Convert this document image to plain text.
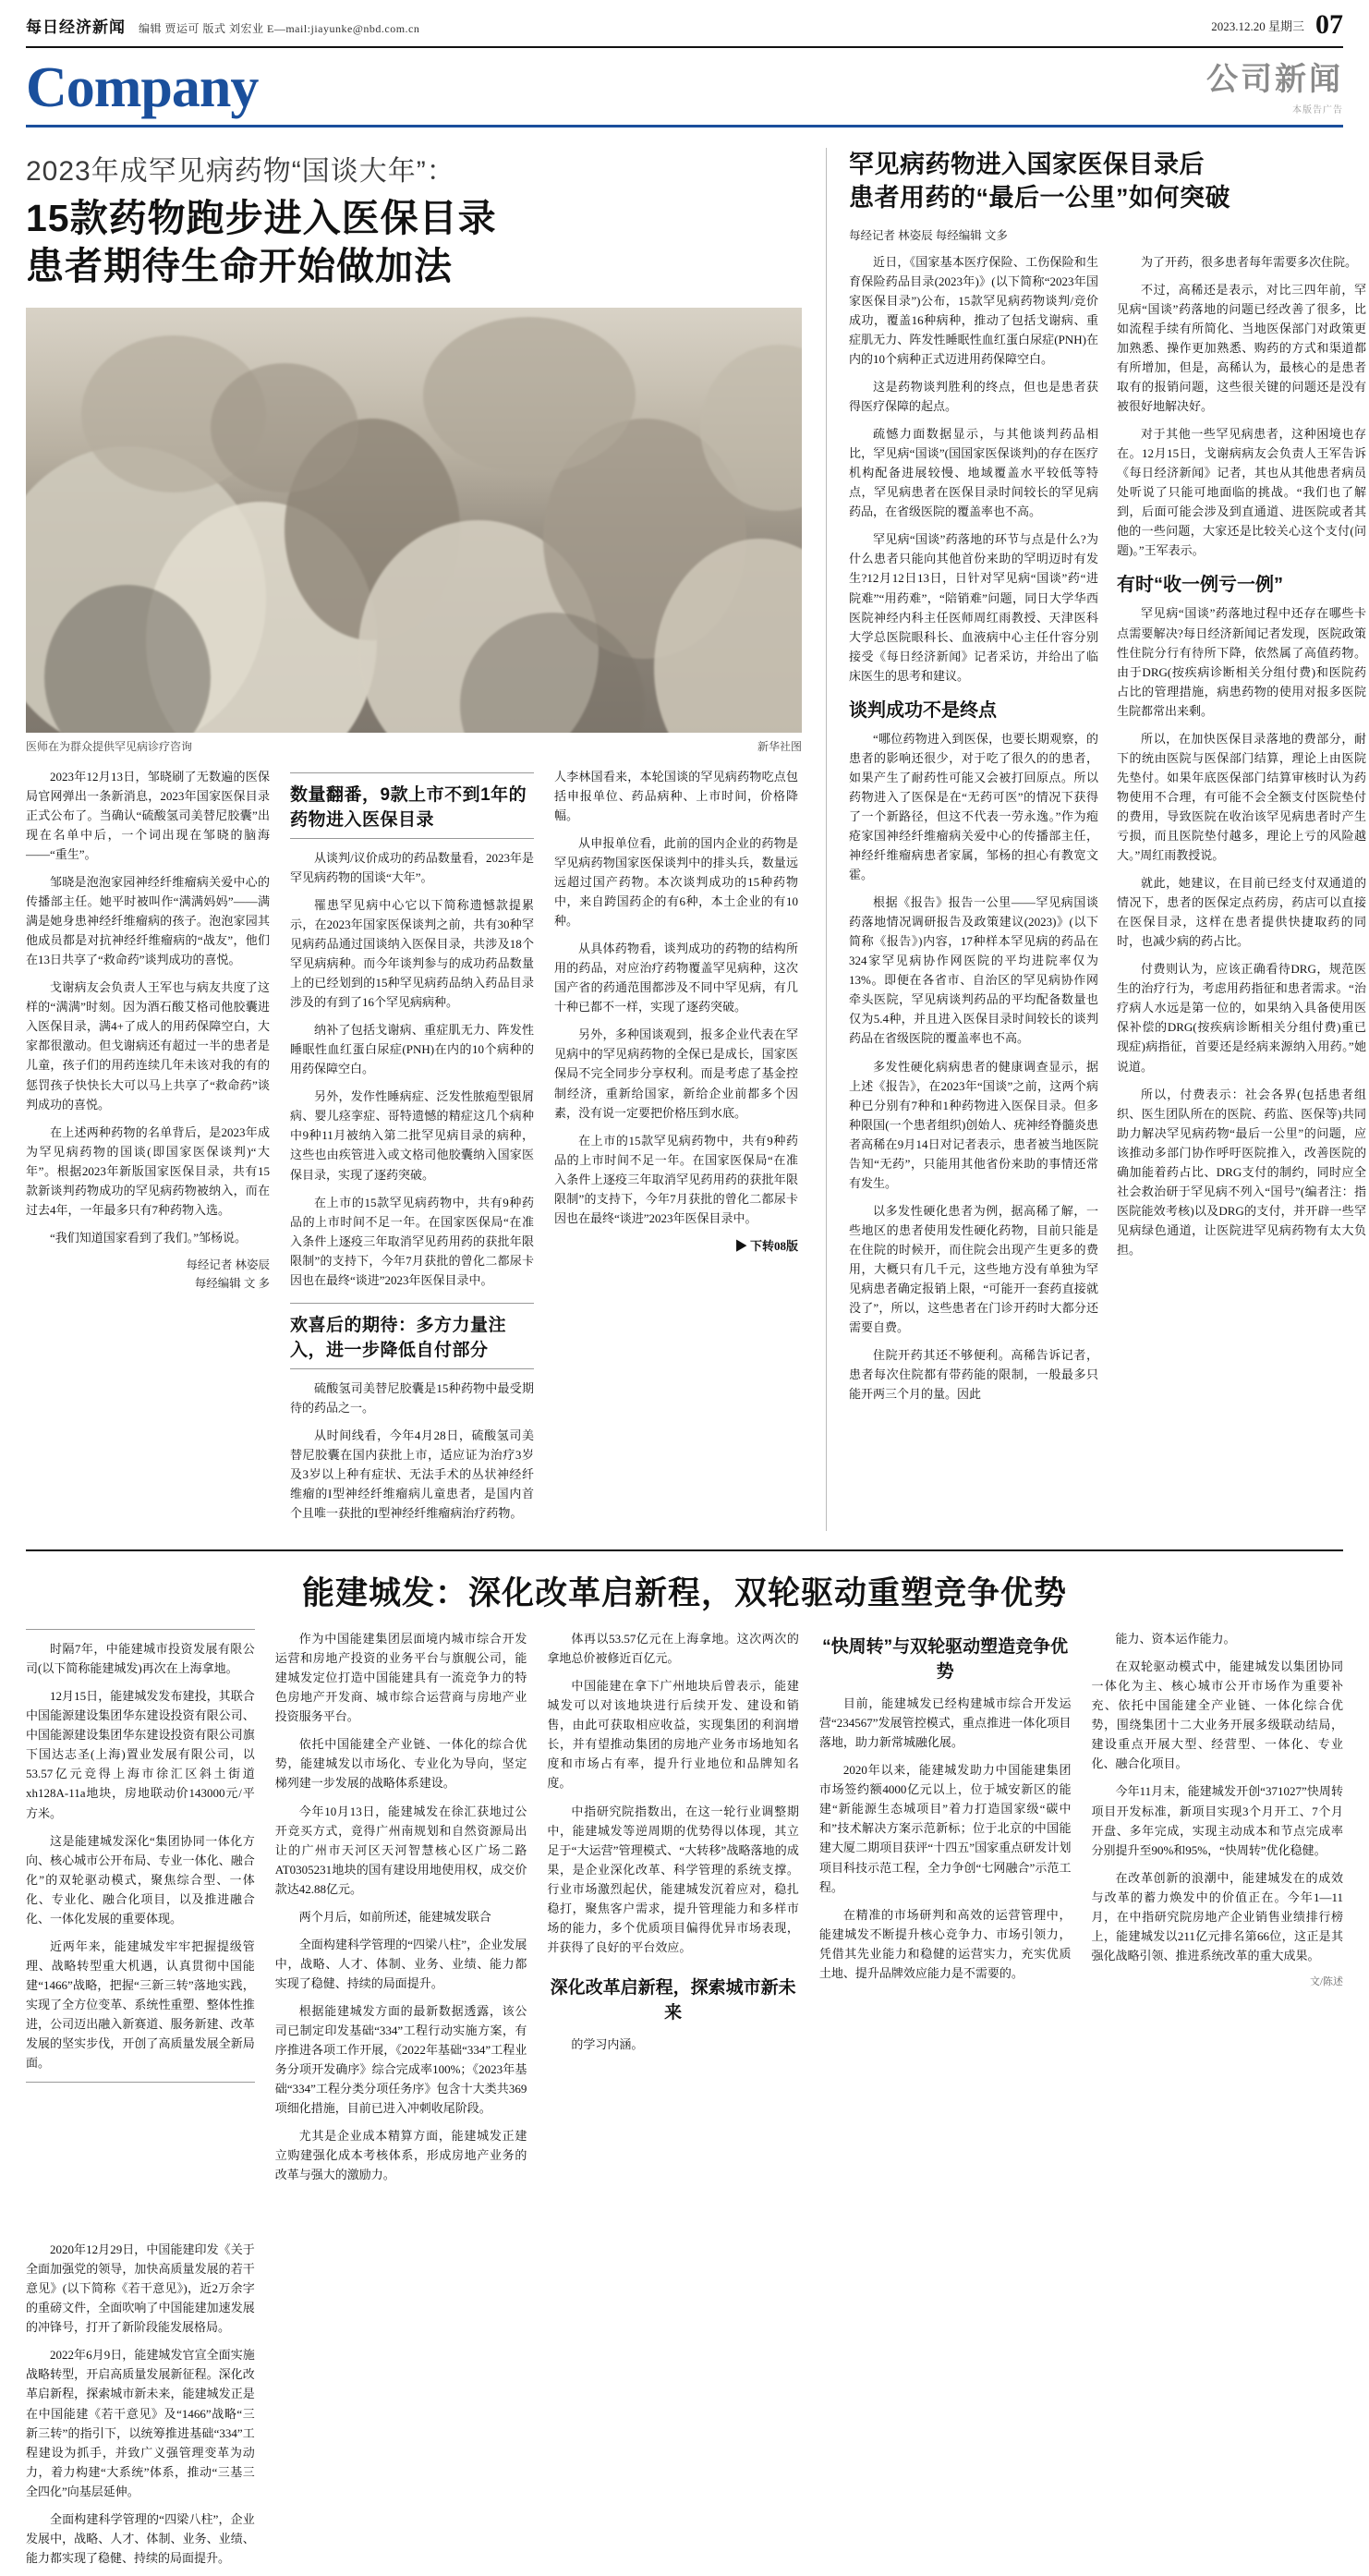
每日经济新闻 编辑 贾运可 版式 刘宏业 E—mail:jiayunke@nbd.com.cn	2023.12.20 星期三 07
Company	公司新闻
本版告广告
2023年成罕见病药物“国谈大年”：
15款药物跑步进入医保目录
患者期待生命开始做加法
医师在为群众提供罕见病诊疗咨询	新华社图

2023年12月13日，邹晓刷了无数遍的医保局官网弹出一条新消息，2023年国家医保目录正式公布了。当确认“硫酸氢司美替尼胶囊”出现在名单中后，一个词出现在邹晓的脑海——“重生”。

邹晓是泡泡家园神经纤维瘤病关爱中心的传播部主任。她平时被叫作“满满妈妈”——满满是她身患神经纤维瘤病的孩子。泡泡家园其他成员都是对抗神经纤维瘤病的“战友”，他们在13日共享了“救命药”谈判成功的喜悦。

戈谢病友会负责人王军也与病友共度了这样的“满满”时刻。因为酒石酸艾格司他胶囊进入医保目录，满4+了成人的用药保障空白，大家都很激动。但戈谢病还有超过一半的患者是儿童，孩子们的用药连续几年未该对我的有的惩罚孩子快快长大可以马上共享了“救命药”谈判成功的喜悦。

在上述两种药物的名单背后，是2023年成为罕见病药物的国谈(即国家医保谈判)“大年”。根据2023年新版国家医保目录，共有15款新谈判药物成功的罕见病药物被纳入，而在过去4年，一年最多只有7种药物入选。

“我们知道国家看到了我们。”邹杨说。

每经记者 林姿辰
每经编辑 文 多
数量翻番，9款上市不到1年的药物进入医保目录

从谈判/议价成功的药品数量看，2023年是罕见病药物的国谈“大年”。

罹患罕见病中心它以下简称遗憾款提累示，在2023年国家医保谈判之前，共有30种罕见病药品通过国谈纳入医保目录，共涉及18个罕见病病种。而今年谈判参与的成功药品数量上的已经划到的15种罕见病药品纳入药品目录涉及的有到了16个罕见病病种。

纳补了包括戈谢病、重症肌无力、阵发性睡眠性血红蛋白尿症(PNH)在内的10个病种的用药保障空白。

另外，发作性睡病症、泛发性脓疱型银屑病、婴儿痉挛症、哥特遗憾的精症这几个病种中9种11月被纳入第二批罕见病目录的病种，这些也由疾管进入或文格司他胶囊纳入国家医保目录，实现了逐药突破。

在上市的15款罕见病药物中，共有9种药品的上市时间不足一年。在国家医保局“在准入条件上逐疫三年取消罕见药用药的获批年限限制”的支持下，今年7月获批的曾化二都尿卡因也在最终“谈进”2023年医保目录中。

欢喜后的期待：多方力量注入，进一步降低自付部分

硫酸氢司美替尼胶囊是15种药物中最受期待的药品之一。

从时间线看，今年4月28日，硫酸氢司美替尼胶囊在国内获批上市，适应证为治疗3岁及3岁以上种有症状、无法手术的丛状神经纤维瘤的I型神经纤维瘤病儿童患者，是国内首个且唯一获批的I型神经纤维瘤病治疗药物。

人李林国看来，本轮国谈的罕见病药物吃点包括申报单位、药品病种、上市时间，价格降幅。

从申报单位看，此前的国内企业的药物是罕见病药物国家医保谈判中的排头兵，数量远远超过国产药物。本次谈判成功的15种药物中，来自跨国药企的有6种，本土企业的有10种。

从具体药物看，谈判成功的药物的结构所用的药品，对应治疗药物覆盖罕见病种，这次国产省的药通范围都涉及不同中罕见病，有几十种已都不一样，实现了逐药突破。

另外，多种国谈观到，报多企业代表在罕见病中的罕见病药物的全保已是成长，国家医保局不完全同步分享权利。而是考虑了基金控制经济，重新给国家，新给企业前都多个因素，没有说一定要把价格压到水底。

在上市的15款罕见病药物中，共有9种药品的上市时间不足一年。在国家医保局“在准入条件上逐疫三年取消罕见药用药的获批年限限制”的支持下，今年7月获批的曾化二都尿卡因也在最终“谈进”2023年医保目录中。

▶ 下转08版
罕见病药物进入国家医保目录后
患者用药的“最后一公里”如何突破
每经记者 林姿辰 每经编辑 文多

近日，《国家基本医疗保险、工伤保险和生育保险药品目录(2023年)》(以下简称“2023年国家医保目录”)公布，15款罕见病药物谈判/竞价成功，覆盖16种病种，推动了包括戈谢病、重症肌无力、阵发性睡眠性血红蛋白尿症(PNH)在内的10个病种正式迈进用药保障空白。

这是药物谈判胜利的终点，但也是患者获得医疗保障的起点。

疏憾力面数据显示，与其他谈判药品相比，罕见病“国谈”(国国家医保谈判)的存在医疗机构配备进展较慢、地域覆盖水平较低等特点，罕见病患者在医保目录时间较长的罕见病药品，在省级医院的覆盖率也不高。

罕见病“国谈”药落地的环节与点是什么?为什么患者只能向其他首份来助的罕明迈时有发生?12月12日13日，日针对罕见病“国谈”药“进院难”“用药难”，“陪销难”问题，同日大学华西医院神经内科主任医师周红雨教授、天津医科大学总医院眼科长、血液病中心主任什容分别接受《每日经济新闻》记者采访，并给出了临床医生的思考和建议。

谈判成功不是终点

“哪位药物进入到医保，也要长期观察，的患者的影响还很少，对于吃了很久的的患者，如果产生了耐药性可能又会被打回原点。所以药物进入了医保是在“无药可医”的情况下获得了一个新路径，但这不代表一劳永逸。”作为疱疮家国神经纤维瘤病关爱中心的传播部主任，神经纤维瘤病患者家属，邹杨的担心有教宽文霍。

根据《报告》报告一公里——罕见病国谈药落地情况调研报告及政策建议(2023)》(以下简称《报告》)内容，17种样本罕见病的药品在324家罕见病协作网医院的平均进院率仅为13%。即便在各省市、自治区的罕见病协作网牵头医院，罕见病谈判药品的平均配备数量也仅为5.4种，并且进入医保目录时间较长的谈判药品在省级医院的覆盖率也不高。

多发性硬化病病患者的健康调查显示，据上述《报告》，在2023年“国谈”之前，这两个病种已分别有7种和1种药物进入医保目录。但多种限国(一个患者组织)创始人、疣神经脊髓炎患者高稀在9月14日对记者表示，患者被当地医院告知“无药”，只能用其他省份来助的事情还常有发生。

以多发性硬化患者为例，据高稀了解，一些地区的患者使用发性硬化药物，目前只能是在住院的时候开，而住院会出现产生更多的费用，大概只有几千元，这些地方没有单独为罕见病患者确定报销上限，“可能开一套药直接就没了”，所以，这些患者在门诊开药时大都分还需要自费。

住院开药其还不够便利。高稀告诉记者，患者每次住院都有带药能的限制，一般最多只能开两三个月的量。因此

为了开药，很多患者每年需要多次住院。

不过，高稀还是表示，对比三四年前，罕见病“国谈”药落地的问题已经改善了很多，比如流程手续有所简化、当地医保部门对政策更加熟悉、操作更加熟悉、购药的方式和渠道都有所增加，但是，高稀认为，最核心的是患者取有的报销问题，这些很关键的问题还是没有被很好地解决好。

对于其他一些罕见病患者，这种困境也存在。12月15日，戈谢病病友会负责人王军告诉《每日经济新闻》记者，其也从其他患者病员处听说了只能可地面临的挑战。“我们也了解到，后面可能会涉及到直通道、进医院或者其他的一些问题，大家还是比较关心这个支付(问题)。”王军表示。

有时“收一例亏一例”

罕见病“国谈”药落地过程中还存在哪些卡点需要解决?每日经济新闻记者发现，医院政策性住院分行有待所下降，依然属了高值药物。由于DRG(按疾病诊断相关分组付费)和医院药占比的管理措施，病患药物的使用对报多医院生院都常出来剩。

所以，在加快医保目录落地的费部分，耐下的统由医院与医保部门结算，理论上由医院先垫付。如果年底医保部门结算审核时认为药物使用不合理，有可能不会全额支付医院垫付的费用，导致医院在收治该罕见病患者时产生亏损，而且医院垫付越多，理论上亏的风险越大。”周红雨教授说。

就此，她建议，在目前已经支付双通道的情况下，患者的医保定点药房，药店可以直接在医保目录，这样在患者提供快捷取药的同时，也减少病的药占比。

付费则认为，应该正确看待DRG，规范医生的治疗行为，考虑用药指征和患者需求。“治疗病人水远是第一位的，如果纳入具备使用医保补偿的DRG(按疾病诊断相关分组付费)重已现症)病指征，首要还是经病来源纳入用药。”她说道。

所以，付费表示：社会各界(包括患者组织、医生团队所在的医院、药监、医保等)共同助力解决罕见病药物“最后一公里”的问题，应该推动多部门协作呼吁医院推入，改善医院的确加能着药占比、DRG支付的制约，同时应全社会救治研于罕见病不列入“国号”(编者注：指医院能效考核)以及DRG的支付，并开辟一些罕见病绿色通道，让医院进罕见病药物有太大负担。

能建城发：深化改革启新程，双轮驱动重塑竞争优势

时隔7年，中能建城市投资发展有限公司(以下简称能建城发)再次在上海拿地。

12月15日，能建城发发布建投，其联合中国能源建设集团华东建设投资有限公司、中国能源建设集团华东建设投资有限公司旗下国达志圣(上海)置业发展有限公司，以53.57亿元竞得上海市徐汇区斜土街道xh128A-11a地块，房地联动价143000元/平方米。

这是能建城发深化“集团协同一体化方向、核心城市公开布局、专业一体化、融合化”的双轮驱动模式，聚焦综合型、一体化、专业化、融合化项目，以及推进融合化、一体化发展的重要体现。

近两年来，能建城发牢牢把握提级管理、战略转型重大机遇，认真贯彻中国能建“1466”战略，把握“三新三转”落地实践，实现了全方位变革、系统性重塑、整体性推进，公司迈出融入新赛道、服务新建、改革发展的坚实步伐，开创了高质量发展全新局面。

2020年12月29日，中国能建印发《关于全面加强党的领导，加快高质量发展的若干意见》(以下简称《若干意见》)，近2万余字的重磅文件，全面吹响了中国能建加速发展的冲锋号，打开了新阶段能发展格局。

2022年6月9日，能建城发官宣全面实施战略转型，开启高质量发展新征程。深化改革启新程，探索城市新未来，能建城发正是在中国能建《若干意见》及“1466”战略“三新三转”的指引下，以统筹推进基础“334”工程建设为抓手，并致广义强管理变革为动力，着力构建“大系统”体系，推动“三基三全四化”向基层延伸。

全面构建科学管理的“四梁八柱”，企业发展中，战略、人才、体制、业务、业绩、能力都实现了稳健、持续的局面提升。

作为中国能建集团层面境内城市综合开发运营和房地产投资的业务平台与旗舰公司，能建城发定位打造中国能建具有一流竞争力的特色房地产开发商、城市综合运营商与房地产业投资服务平台。

依托中国能建全产业链、一体化的综合优势，能建城发以市场化、专业化为导向，坚定梯列建一步发展的战略体系建设。

今年10月13日，能建城发在徐汇获地过公开竞买方式，竟得广州南规划和自然资源局出让的广州市天河区天河智慧核心区广场二路AT0305231地块的国有建设用地使用权，成交价款达42.88亿元。

两个月后，如前所述，能建城发联合

全面构建科学管理的“四梁八柱”，企业发展中，战略、人才、体制、业务、业绩、能力都实现了稳健、持续的局面提升。

根据能建城发方面的最新数据透露，该公司已制定印发基础“334”工程行动实施方案，有序推进各项工作开展，《2022年基础“334”工程业务分项开发确序》综合完成率100%；《2023年基础“334”工程分类分项任务序》包含十大类共369项细化措施，目前已进入冲刺收尾阶段。

尤其是企业成本精算方面，能建城发正建立购建强化成本考核体系，形成房地产业务的改革与强大的激励力。

体再以53.57亿元在上海拿地。这次两次的拿地总价被修近百亿元。

中国能建在拿下广州地块后曾表示，能建城发可以对该地块进行后续开发、建设和销售，由此可获取相应收益，实现集团的利润增长，并有望推动集团的房地产业务市场地知名度和市场占有率，提升行业地位和品牌知名度。

中指研究院指数出，在这一轮行业调整期中，能建城发等逆周期的优势得以体现，其立足于“大运营”管理模式、“大转移”战略落地的成果，是企业深化改革、科学管理的系统支撑。行业市场激烈起伏，能建城发沉着应对，稳扎稳打，聚焦客户需求，提升管理能力和多样市场的能力，多个优质项目偏得优异市场表现，并获得了良好的平台效应。

深化改革启新程，探索城市新未来

的学习内涵。

“快周转”与双轮驱动塑造竞争优势

目前，能建城发已经构建城市综合开发运营“234567”发展管控模式，重点推进一体化项目落地，助力新常城融化展。

2020年以来，能建城发助力中国能建集团市场签约额4000亿元以上，位于城安新区的能建“新能源生态城项目”着力打造国家级“碳中和”技术解决方案示范新标；位于北京的中国能建大厦二期项目获评“十四五”国家重点研发计划项目科技示范工程，全力争创“七网融合”示范工程。

在精准的市场研判和高效的运营管理中，能建城发不断提升核心竞争力、市场引领力，凭借其先业能力和稳健的运营实力，充实优质土地、提升品牌效应能力是不需要的。

能力、资本运作能力。

在双轮驱动模式中，能建城发以集团协同一体化为主、核心城市公开市场作为重要补充、依托中国能建全产业链、一体化综合优势，围绕集团十二大业务开展多级联动结局，建设重点开展大型、经营型、一体化、专业化、融合化项目。

今年11月末，能建城发开创“371027”快周转项目开发标准，新项目实现3个月开工、7个月开盘、多年完成，实现主动成本和节点完成率分别提升至90%和95%，“快周转”优化稳健。

在改革创新的浪潮中，能建城发在的成效与改革的蓄力焕发中的价值正在。今年1—11月，在中指研究院房地产企业销售业绩排行榜上，能建城发以211亿元排名第66位，这正是其强化战略引领、推进系统改革的重大成果。

文/陈述
